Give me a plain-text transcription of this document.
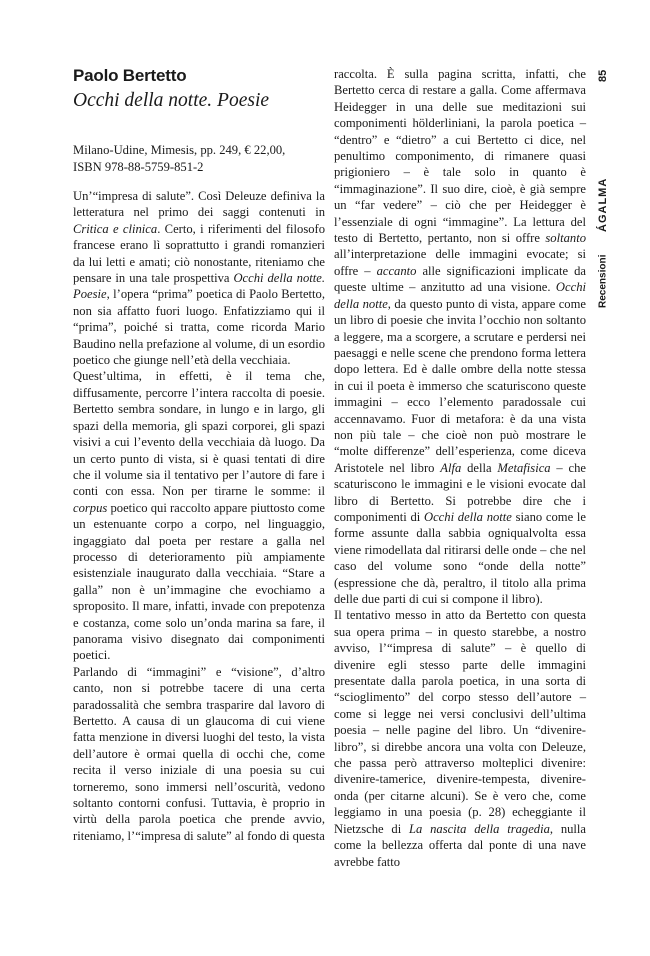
Paolo Bertetto
Occhi della notte. Poesie
Milano-Udine, Mimesis, pp. 249, € 22,00,
ISBN 978-88-5759-851-2

Un’“impresa di salute”. Così Deleuze definiva la letteratura nel primo dei saggi contenuti in Critica e clinica. Certo, i riferimenti del filosofo francese erano lì soprattutto i grandi romanzieri da lui letti e amati; ciò nonostante, riteniamo che pensare in una tale prospettiva Occhi della notte. Poesie, l’opera “prima” poetica di Paolo Bertetto, non sia affatto fuori luogo. Enfatizziamo qui il “prima”, poiché si tratta, come ricorda Mario Baudino nella prefazione al volume, di un esordio poetico che giunge nell’età della vecchiaia.

Quest’ultima, in effetti, è il tema che, diffusamente, percorre l’intera raccolta di poesie. Bertetto sembra sondare, in lungo e in largo, gli spazi della memoria, gli spazi corporei, gli spazi visivi a cui l’evento della vecchiaia dà luogo. Da un certo punto di vista, si è quasi tentati di dire che il volume sia il tentativo per l’autore di fare i conti con essa. Non per tirarne le somme: il corpus poetico qui raccolto appare piuttosto come un estenuante corpo a corpo, nel linguaggio, ingaggiato dal poeta per restare a galla nel processo di deterioramento più ampiamente esistenziale inaugurato dalla vecchiaia. “Stare a galla” non è un’immagine che evochiamo a sproposito. Il mare, infatti, invade con prepotenza e costanza, come solo un’onda marina sa fare, il panorama visivo disegnato dai componimenti poetici.

Parlando di “immagini” e “visione”, d’altro canto, non si potrebbe tacere di una certa paradossalità che sembra trasparire dal lavoro di Bertetto. A causa di un glaucoma di cui viene fatta menzione in diversi luoghi del testo, la vista dell’autore è ormai quella di occhi che, come recita il verso iniziale di una poesia su cui torneremo, sono immersi nell’oscurità, vedono soltanto contorni confusi. Tuttavia, è proprio in virtù della parola poetica che prende avvio, riteniamo, l’“impresa di salute” al fondo di questa

raccolta. È sulla pagina scritta, infatti, che Bertetto cerca di restare a galla. Come affermava Heidegger in una delle sue meditazioni sui componimenti hölderliniani, la parola poetica – “dentro” e “dietro” a cui Bertetto ci dice, nel penultimo componimento, di rimanere quasi prigioniero – è tale solo in quanto è “immaginazione”. Il suo dire, cioè, è già sempre un “far vedere” – ciò che per Heidegger è l’essenziale di ogni “immagine”. La lettura del testo di Bertetto, pertanto, non si offre soltanto all’interpretazione delle immagini evocate; si offre – accanto alle significazioni implicate da queste ultime – anzitutto ad una visione. Occhi della notte, da questo punto di vista, appare come un libro di poesie che invita l’occhio non soltanto a leggere, ma a scorgere, a scrutare e perdersi nei paesaggi e nelle scene che prendono forma lettera dopo lettera. Ed è dalle ombre della notte stessa in cui il poeta è immerso che scaturiscono queste immagini – ecco l’elemento paradossale cui accennavamo. Fuor di metafora: è da una vista non più tale – che cioè non può mostrare le “molte differenze” dell’esperienza, come diceva Aristotele nel libro Alfa della Metafisica – che scaturiscono le immagini e le visioni evocate dal libro di Bertetto. Si potrebbe dire che i componimenti di Occhi della notte siano come le forme assunte dalla sabbia ogniqualvolta essa viene rimodellata dal ritirarsi delle onde – che nel caso del volume sono “onde della notte” (espressione che dà, peraltro, il titolo alla prima delle due parti di cui si compone il libro).

Il tentativo messo in atto da Bertetto con questa sua opera prima – in questo starebbe, a nostro avviso, l’“impresa di salute” – è quello di divenire egli stesso parte delle immagini presentate dalla parola poetica, in una sorta di “scioglimento” del corpo stesso dell’autore – come si legge nei versi conclusivi dell’ultima poesia – nelle pagine del libro. Un “divenire-libro”, si direbbe ancora una volta con Deleuze, che passa però attraverso molteplici divenire: divenire-tamerice, divenire-tempesta, divenire-onda (per citarne alcuni). Se è vero che, come leggiamo in una poesia (p. 28) echeggiante il Nietzsche di La nascita della tragedia, nulla come la bellezza offerta dal ponte di una nave avrebbe fatto

85
ÁGALMA
Recensioni
